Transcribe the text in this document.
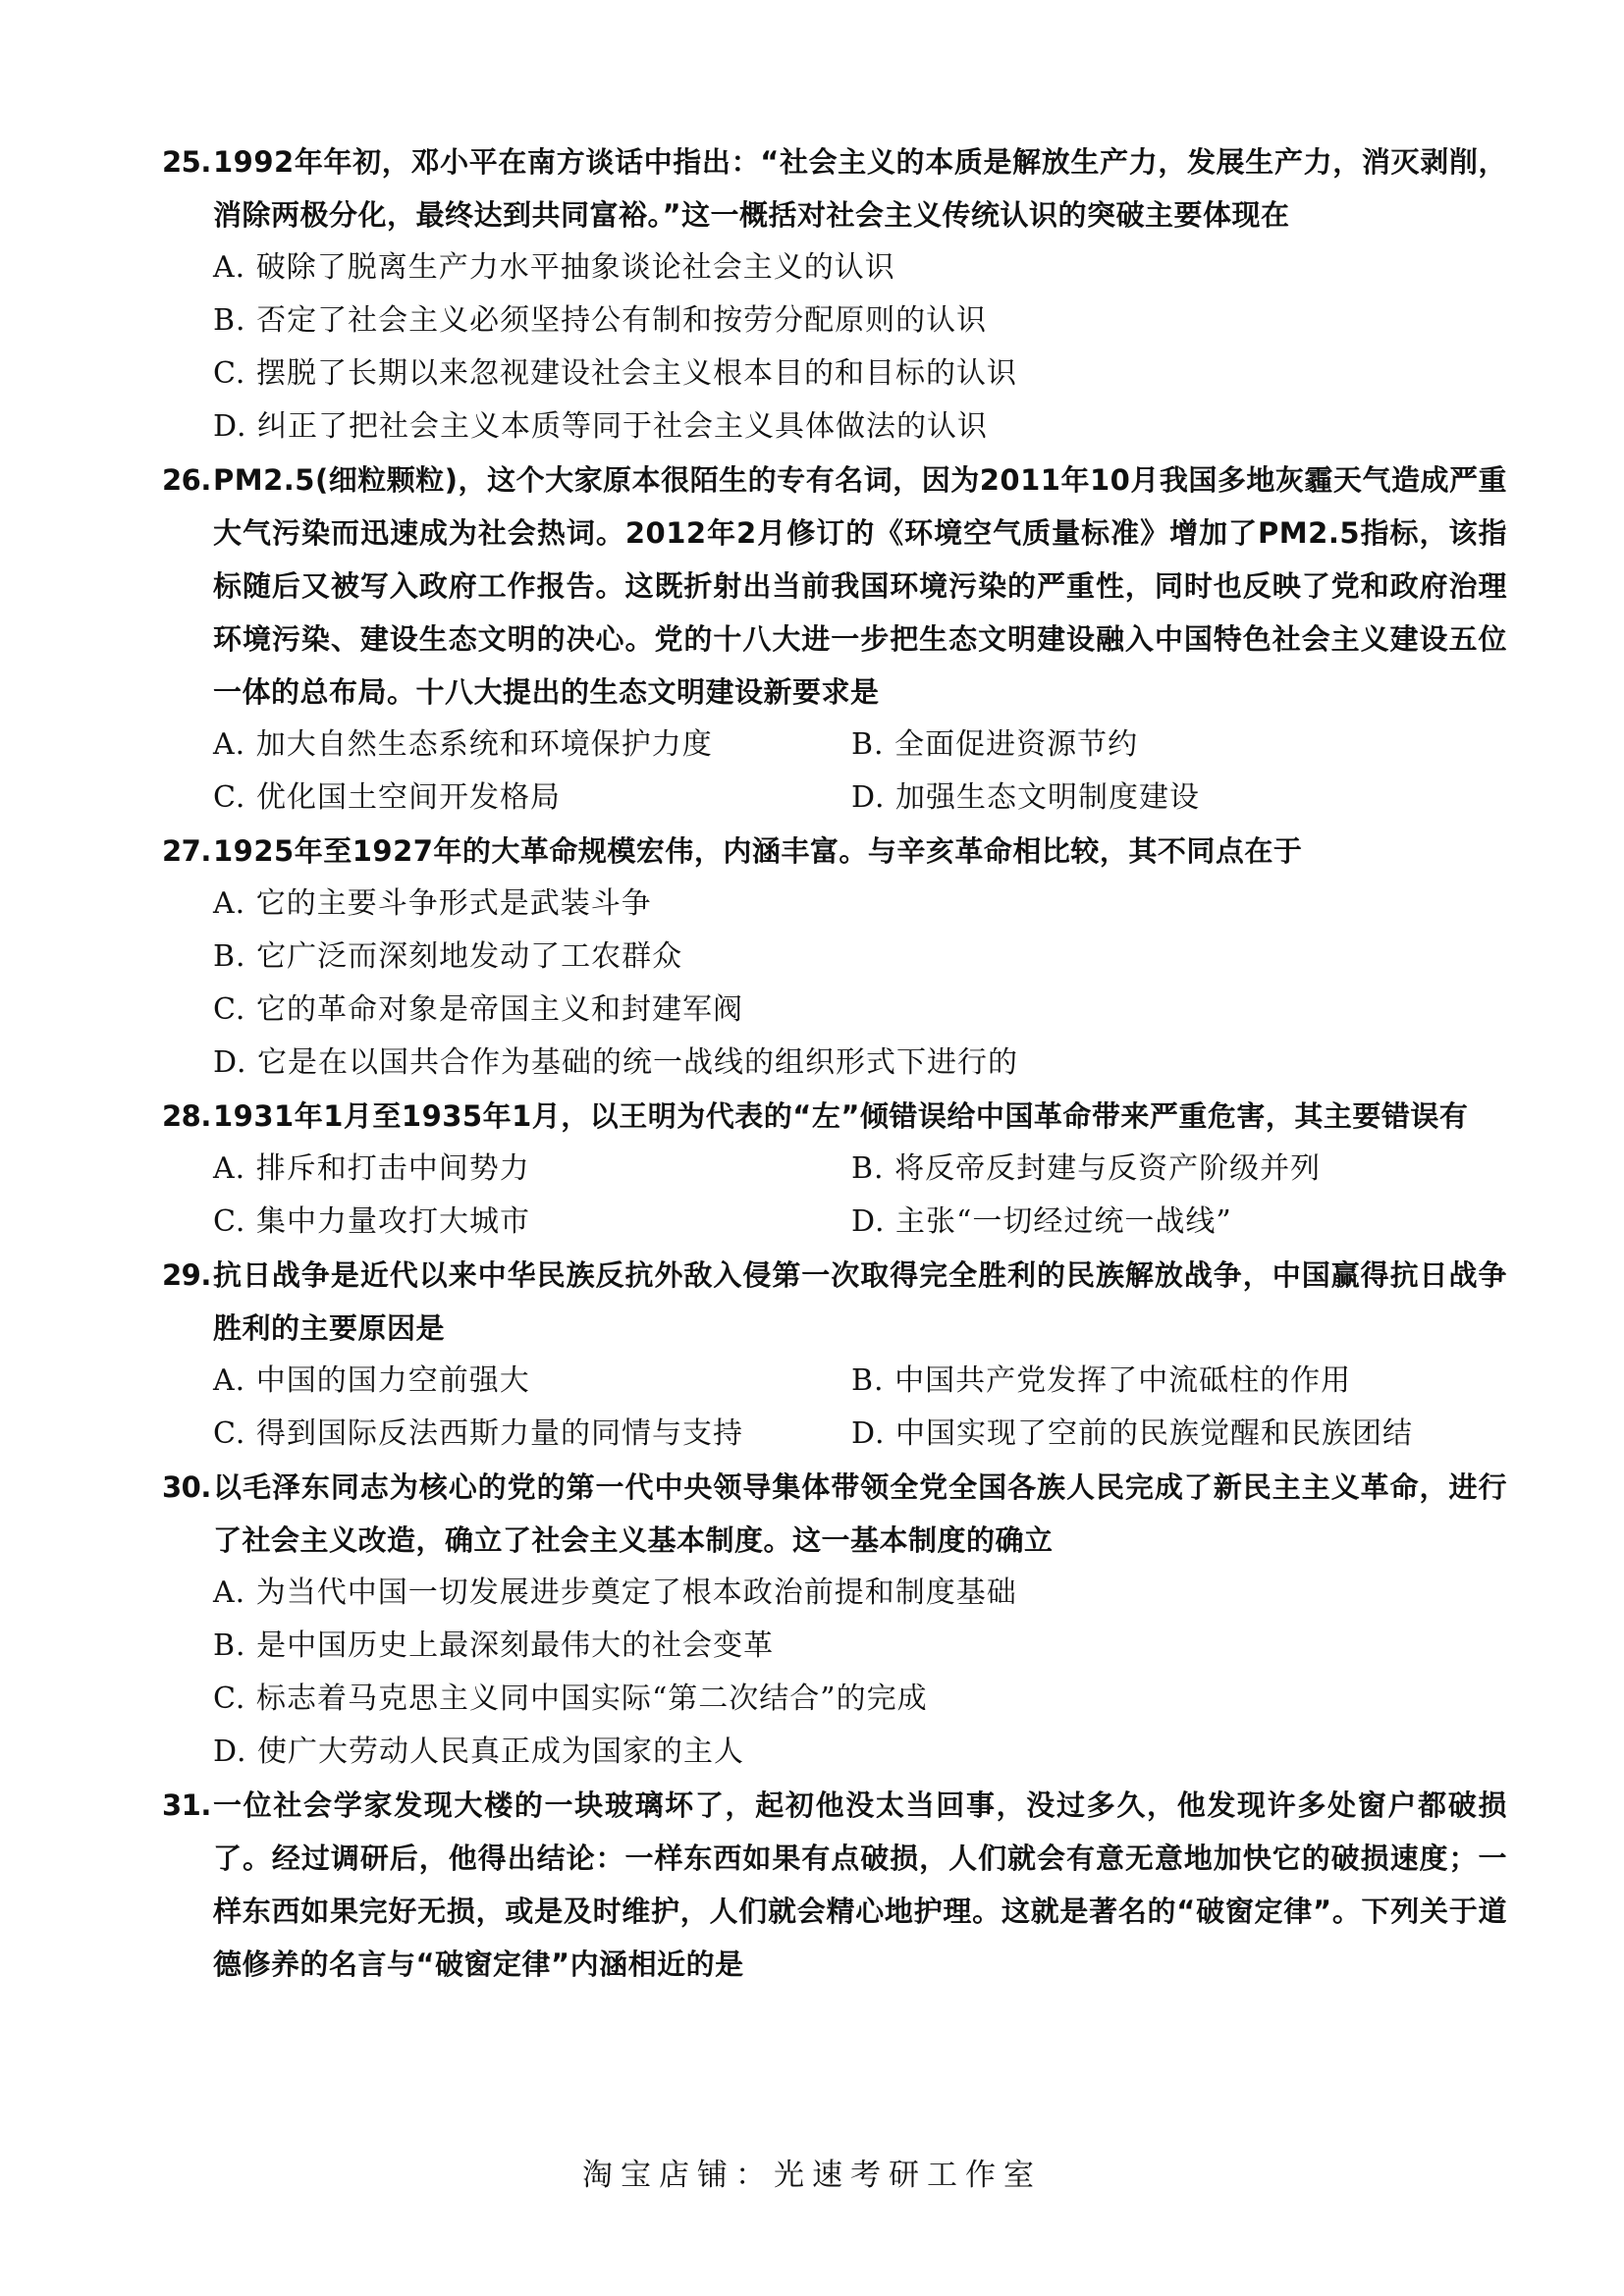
25. 1992年年初，邓小平在南方谈话中指出：“社会主义的本质是解放生产力，发展生产力，消灭剥削，消除两极分化，最终达到共同富裕。”这一概括对社会主义传统认识的突破主要体现在
A. 破除了脱离生产力水平抽象谈论社会主义的认识
B. 否定了社会主义必须坚持公有制和按劳分配原则的认识
C. 摆脱了长期以来忽视建设社会主义根本目的和目标的认识
D. 纠正了把社会主义本质等同于社会主义具体做法的认识
26. PM2.5(细粒颗粒)，这个大家原本很陌生的专有名词，因为2011年10月我国多地灰霾天气造成严重大气污染而迅速成为社会热词。2012年2月修订的《环境空气质量标准》增加了PM2.5指标，该指标随后又被写入政府工作报告。这既折射出当前我国环境污染的严重性，同时也反映了党和政府治理环境污染、建设生态文明的决心。党的十八大进一步把生态文明建设融入中国特色社会主义建设五位一体的总布局。十八大提出的生态文明建设新要求是
A. 加大自然生态系统和环境保护力度	B. 全面促进资源节约
C. 优化国土空间开发格局	D. 加强生态文明制度建设
27. 1925年至1927年的大革命规模宏伟，内涵丰富。与辛亥革命相比较，其不同点在于
A. 它的主要斗争形式是武装斗争
B. 它广泛而深刻地发动了工农群众
C. 它的革命对象是帝国主义和封建军阀
D. 它是在以国共合作为基础的统一战线的组织形式下进行的
28. 1931年1月至1935年1月，以王明为代表的“左”倾错误给中国革命带来严重危害，其主要错误有
A. 排斥和打击中间势力	B. 将反帝反封建与反资产阶级并列
C. 集中力量攻打大城市	D. 主张“一切经过统一战线”
29. 抗日战争是近代以来中华民族反抗外敌入侵第一次取得完全胜利的民族解放战争，中国赢得抗日战争胜利的主要原因是
A. 中国的国力空前强大	B. 中国共产党发挥了中流砥柱的作用
C. 得到国际反法西斯力量的同情与支持	D. 中国实现了空前的民族觉醒和民族团结
30. 以毛泽东同志为核心的党的第一代中央领导集体带领全党全国各族人民完成了新民主主义革命，进行了社会主义改造，确立了社会主义基本制度。这一基本制度的确立
A. 为当代中国一切发展进步奠定了根本政治前提和制度基础
B. 是中国历史上最深刻最伟大的社会变革
C. 标志着马克思主义同中国实际“第二次结合”的完成
D. 使广大劳动人民真正成为国家的主人
31. 一位社会学家发现大楼的一块玻璃坏了，起初他没太当回事，没过多久，他发现许多处窗户都破损了。经过调研后，他得出结论：一样东西如果有点破损，人们就会有意无意地加快它的破损速度；一样东西如果完好无损，或是及时维护，人们就会精心地护理。这就是著名的“破窗定律”。下列关于道德修养的名言与“破窗定律”内涵相近的是
淘宝店铺：光速考研工作室
